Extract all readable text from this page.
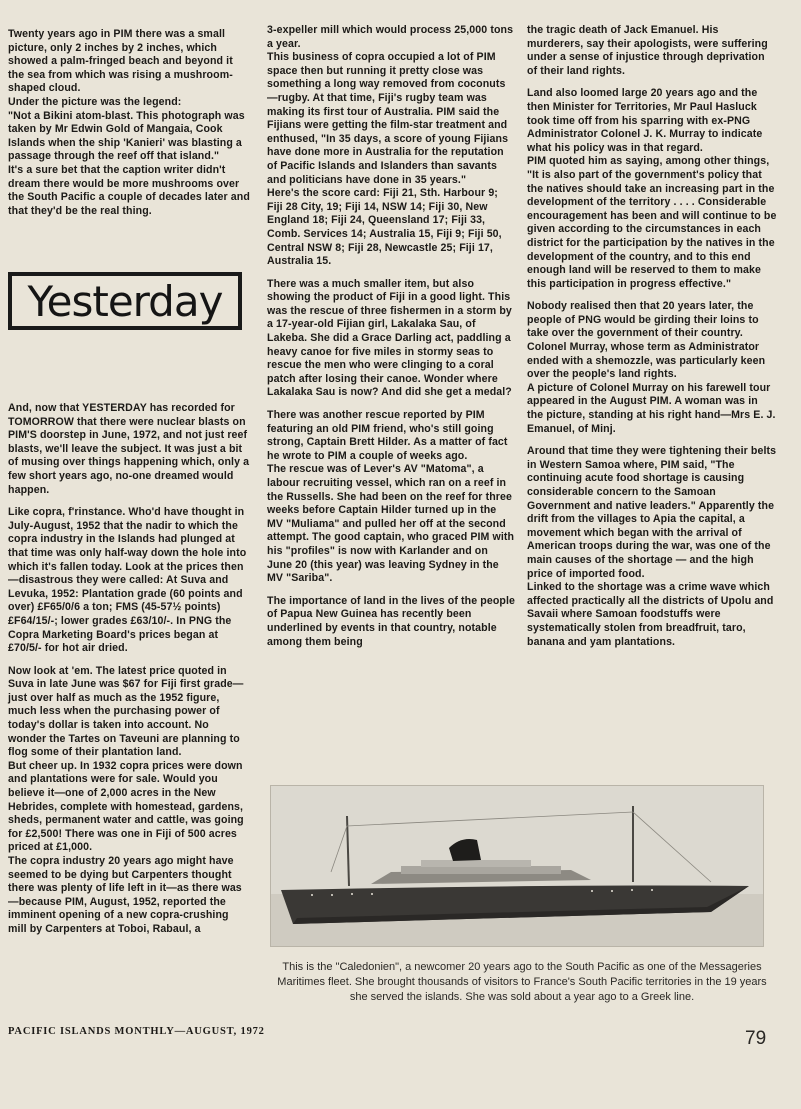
Twenty years ago in PIM there was a small picture, only 2 inches by 2 inches, which showed a palm-fringed beach and beyond it the sea from which was rising a mushroom-shaped cloud.
Under the picture was the legend:
"Not a Bikini atom-blast. This photograph was taken by Mr Edwin Gold of Mangaia, Cook Islands when the ship 'Kanieri' was blasting a passage through the reef off that island."
It's a sure bet that the caption writer didn't dream there would be more mushrooms over the South Pacific a couple of decades later and that they'd be the real thing.

Yesterday

And, now that YESTERDAY has recorded for TOMORROW that there were nuclear blasts on PIM'S doorstep in June, 1972, and not just reef blasts, we'll leave the subject. It was just a bit of musing over things happening which, only a few short years ago, no-one dreamed would happen.

Like copra, f'rinstance. Who'd have thought in July-August, 1952 that the nadir to which the copra industry in the Islands had plunged at that time was only half-way down the hole into which it's fallen today. Look at the prices then—disastrous they were called: At Suva and Levuka, 1952: Plantation grade (60 points and over) £F65/0/6 a ton; FMS (45-57½ points) £F64/15/-; lower grades £63/10/-. In PNG the Copra Marketing Board's prices began at £70/5/- for hot air dried.

Now look at 'em. The latest price quoted in Suva in late June was $67 for Fiji first grade—just over half as much as the 1952 figure, much less when the purchasing power of today's dollar is taken into account. No wonder the Tartes on Taveuni are planning to flog some of their plantation land.
But cheer up. In 1932 copra prices were down and plantations were for sale. Would you believe it—one of 2,000 acres in the New Hebrides, complete with homestead, gardens, sheds, permanent water and cattle, was going for £2,500! There was one in Fiji of 500 acres priced at £1,000.
The copra industry 20 years ago might have seemed to be dying but Carpenters thought there was plenty of life left in it—as there was—because PIM, August, 1952, reported the imminent opening of a new copra-crushing mill by Carpenters at Toboi, Rabaul, a

3-expeller mill which would process 25,000 tons a year.
This business of copra occupied a lot of PIM space then but running it pretty close was something a long way removed from coconuts—rugby. At that time, Fiji's rugby team was making its first tour of Australia. PIM said the Fijians were getting the film-star treatment and enthused, "In 35 days, a score of young Fijians have done more in Australia for the reputation of Pacific Islands and Islanders than savants and politicians have done in 35 years."
Here's the score card: Fiji 21, Sth. Harbour 9; Fiji 28 City, 19; Fiji 14, NSW 14; Fiji 30, New England 18; Fiji 24, Queensland 17; Fiji 33, Comb. Services 14; Australia 15, Fiji 9; Fiji 50, Central NSW 8; Fiji 28, Newcastle 25; Fiji 17, Australia 15.

There was a much smaller item, but also showing the product of Fiji in a good light. This was the rescue of three fishermen in a storm by a 17-year-old Fijian girl, Lakalaka Sau, of Lakeba. She did a Grace Darling act, paddling a heavy canoe for five miles in stormy seas to rescue the men who were clinging to a coral patch after losing their canoe. Wonder where Lakalaka Sau is now? And did she get a medal?

There was another rescue reported by PIM featuring an old PIM friend, who's still going strong, Captain Brett Hilder. As a matter of fact he wrote to PIM a couple of weeks ago.
The rescue was of Lever's AV "Matoma", a labour recruiting vessel, which ran on a reef in the Russells. She had been on the reef for three weeks before Captain Hilder turned up in the MV "Muliama" and pulled her off at the second attempt. The good captain, who graced PIM with his "profiles" is now with Karlander and on June 20 (this year) was leaving Sydney in the MV "Sariba".

The importance of land in the lives of the people of Papua New Guinea has recently been underlined by events in that country, notable among them being

the tragic death of Jack Emanuel. His murderers, say their apologists, were suffering under a sense of injustice through deprivation of their land rights.

Land also loomed large 20 years ago and the then Minister for Territories, Mr Paul Hasluck took time off from his sparring with ex-PNG Administrator Colonel J. K. Murray to indicate what his policy was in that regard.
PIM quoted him as saying, among other things, "It is also part of the government's policy that the natives should take an increasing part in the development of the territory . . . . Considerable encouragement has been and will continue to be given according to the circumstances in each district for the participation by the natives in the development of the country, and to this end enough land will be reserved to them to make this participation in progress effective."

Nobody realised then that 20 years later, the people of PNG would be girding their loins to take over the government of their country. Colonel Murray, whose term as Administrator ended with a shemozzle, was particularly keen over the people's land rights.
A picture of Colonel Murray on his farewell tour appeared in the August PIM. A woman was in the picture, standing at his right hand—Mrs E. J. Emanuel, of Minj.

Around that time they were tightening their belts in Western Samoa where, PIM said, "The continuing acute food shortage is causing considerable concern to the Samoan Government and native leaders." Apparently the drift from the villages to Apia the capital, a movement which began with the arrival of American troops during the war, was one of the main causes of the shortage — and the high price of imported food.
Linked to the shortage was a crime wave which affected practically all the districts of Upolu and Savaii where Samoan foodstuffs were systematically stolen from breadfruit, taro, banana and yam plantations.

This is the "Caledonien", a newcomer 20 years ago to the South Pacific as one of the Messageries Maritimes fleet. She brought thousands of visitors to France's South Pacific territories in the 19 years she served the islands. She was sold about a year ago to a Greek line.
PACIFIC ISLANDS MONTHLY—AUGUST, 1972	79
